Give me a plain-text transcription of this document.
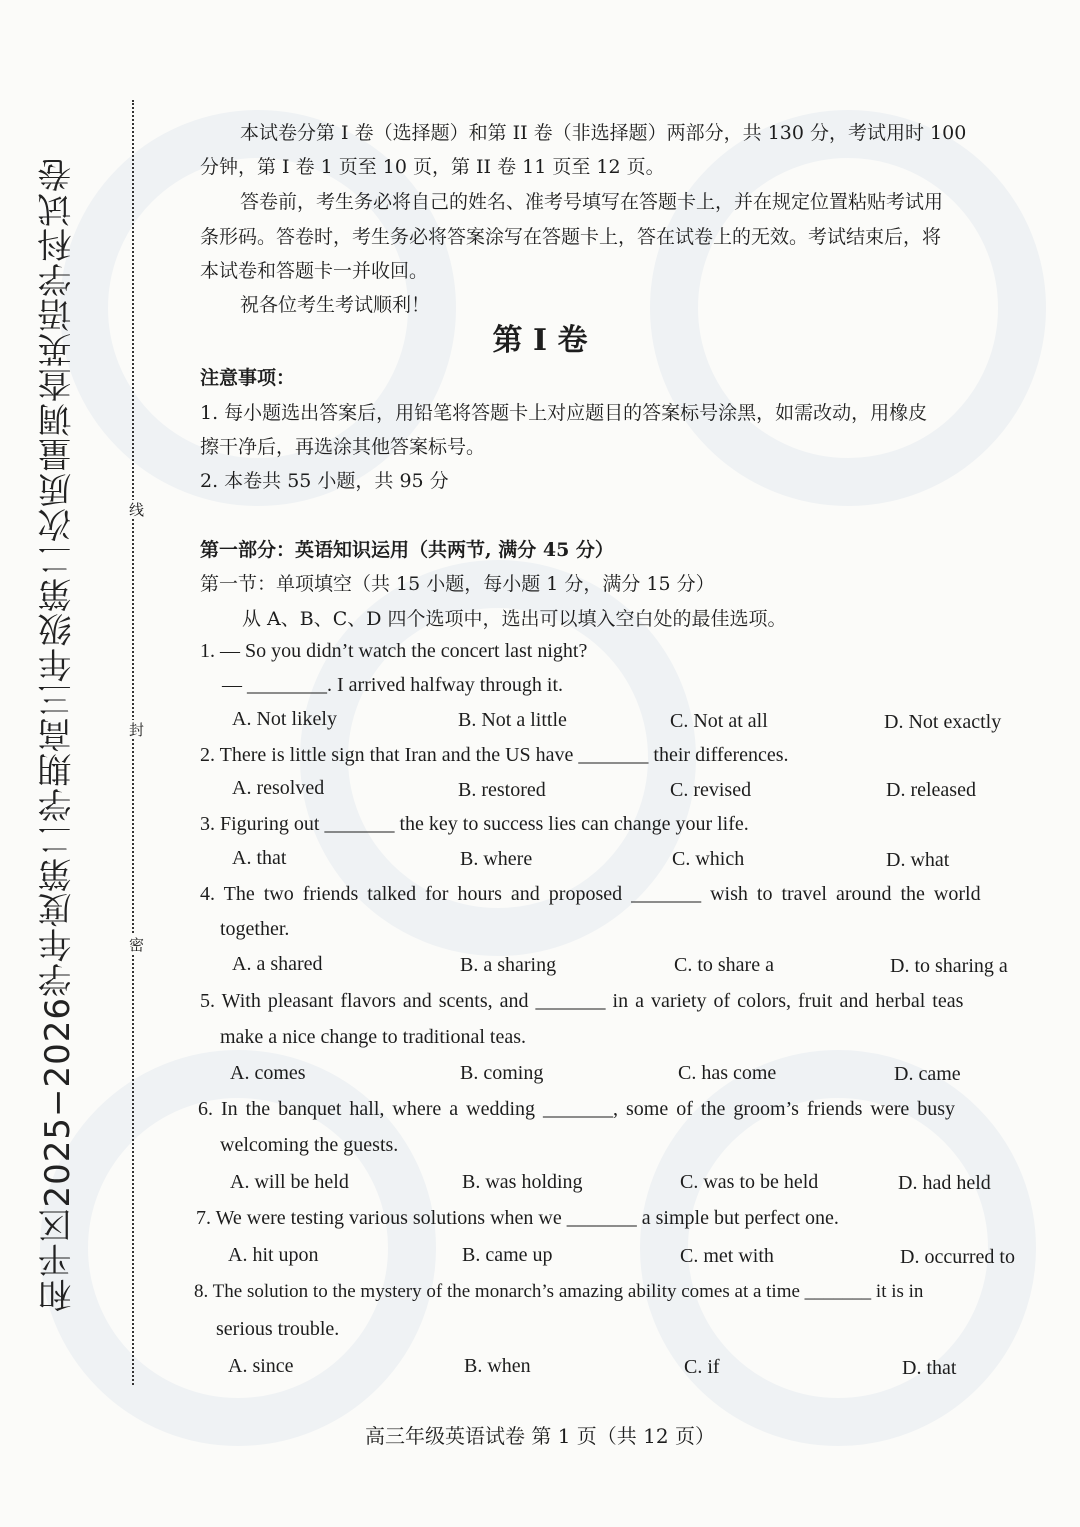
和平区2025−2026学年度第二学期高三年级第二次质量调查英语学科试卷	线
封
密
本试卷分第 I 卷（选择题）和第 II 卷（非选择题）两部分，共 130 分，考试用时 100
分钟，第 I 卷 1 页至 10 页，第 II 卷 11 页至 12 页。
答卷前，考生务必将自己的姓名、准考号填写在答题卡上，并在规定位置粘贴考试用
条形码。答卷时，考生务必将答案涂写在答题卡上，答在试卷上的无效。考试结束后，将
本试卷和答题卡一并收回。
祝各位考生考试顺利！
第 I 卷
注意事项：
1. 每小题选出答案后，用铅笔将答题卡上对应题目的答案标号涂黑，如需改动，用橡皮
擦干净后，再选涂其他答案标号。
2. 本卷共 55 小题，共 95 分
第一部分：英语知识运用（共两节, 满分 45 分）
第一节：单项填空（共 15 小题，每小题 1 分，满分 15 分）
从 A、B、C、D 四个选项中，选出可以填入空白处的最佳选项。
1. — So you didn’t watch the concert last night?
— ________. I arrived halfway through it.
A. Not likely	B. Not a little	C. Not at all	D. Not exactly
2. There is little sign that Iran and the US have _______ their differences.
A. resolved	B. restored	C. revised	D. released
3. Figuring out _______ the key to success lies can change your life.
A. that	B. where	C. which	D. what
4. The two friends talked for hours and proposed _______ wish to travel around the world
together.
A. a shared	B. a sharing	C. to share a	D. to sharing a
5. With pleasant flavors and scents, and _______ in a variety of colors, fruit and herbal teas
make a nice change to traditional teas.
A. comes	B. coming	C. has come	D. came
6. In the banquet hall, where a wedding _______, some of the groom’s friends were busy
welcoming the guests.
A. will be held	B. was holding	C. was to be held	D. had held
7. We were testing various solutions when we _______ a simple but perfect one.
A. hit upon	B. came up	C. met with	D. occurred to
8. The solution to the mystery of the monarch’s amazing ability comes at a time _______ it is in
serious trouble.
A. since	B. when	C. if	D. that
高三年级英语试卷 第 1 页（共 12 页）
